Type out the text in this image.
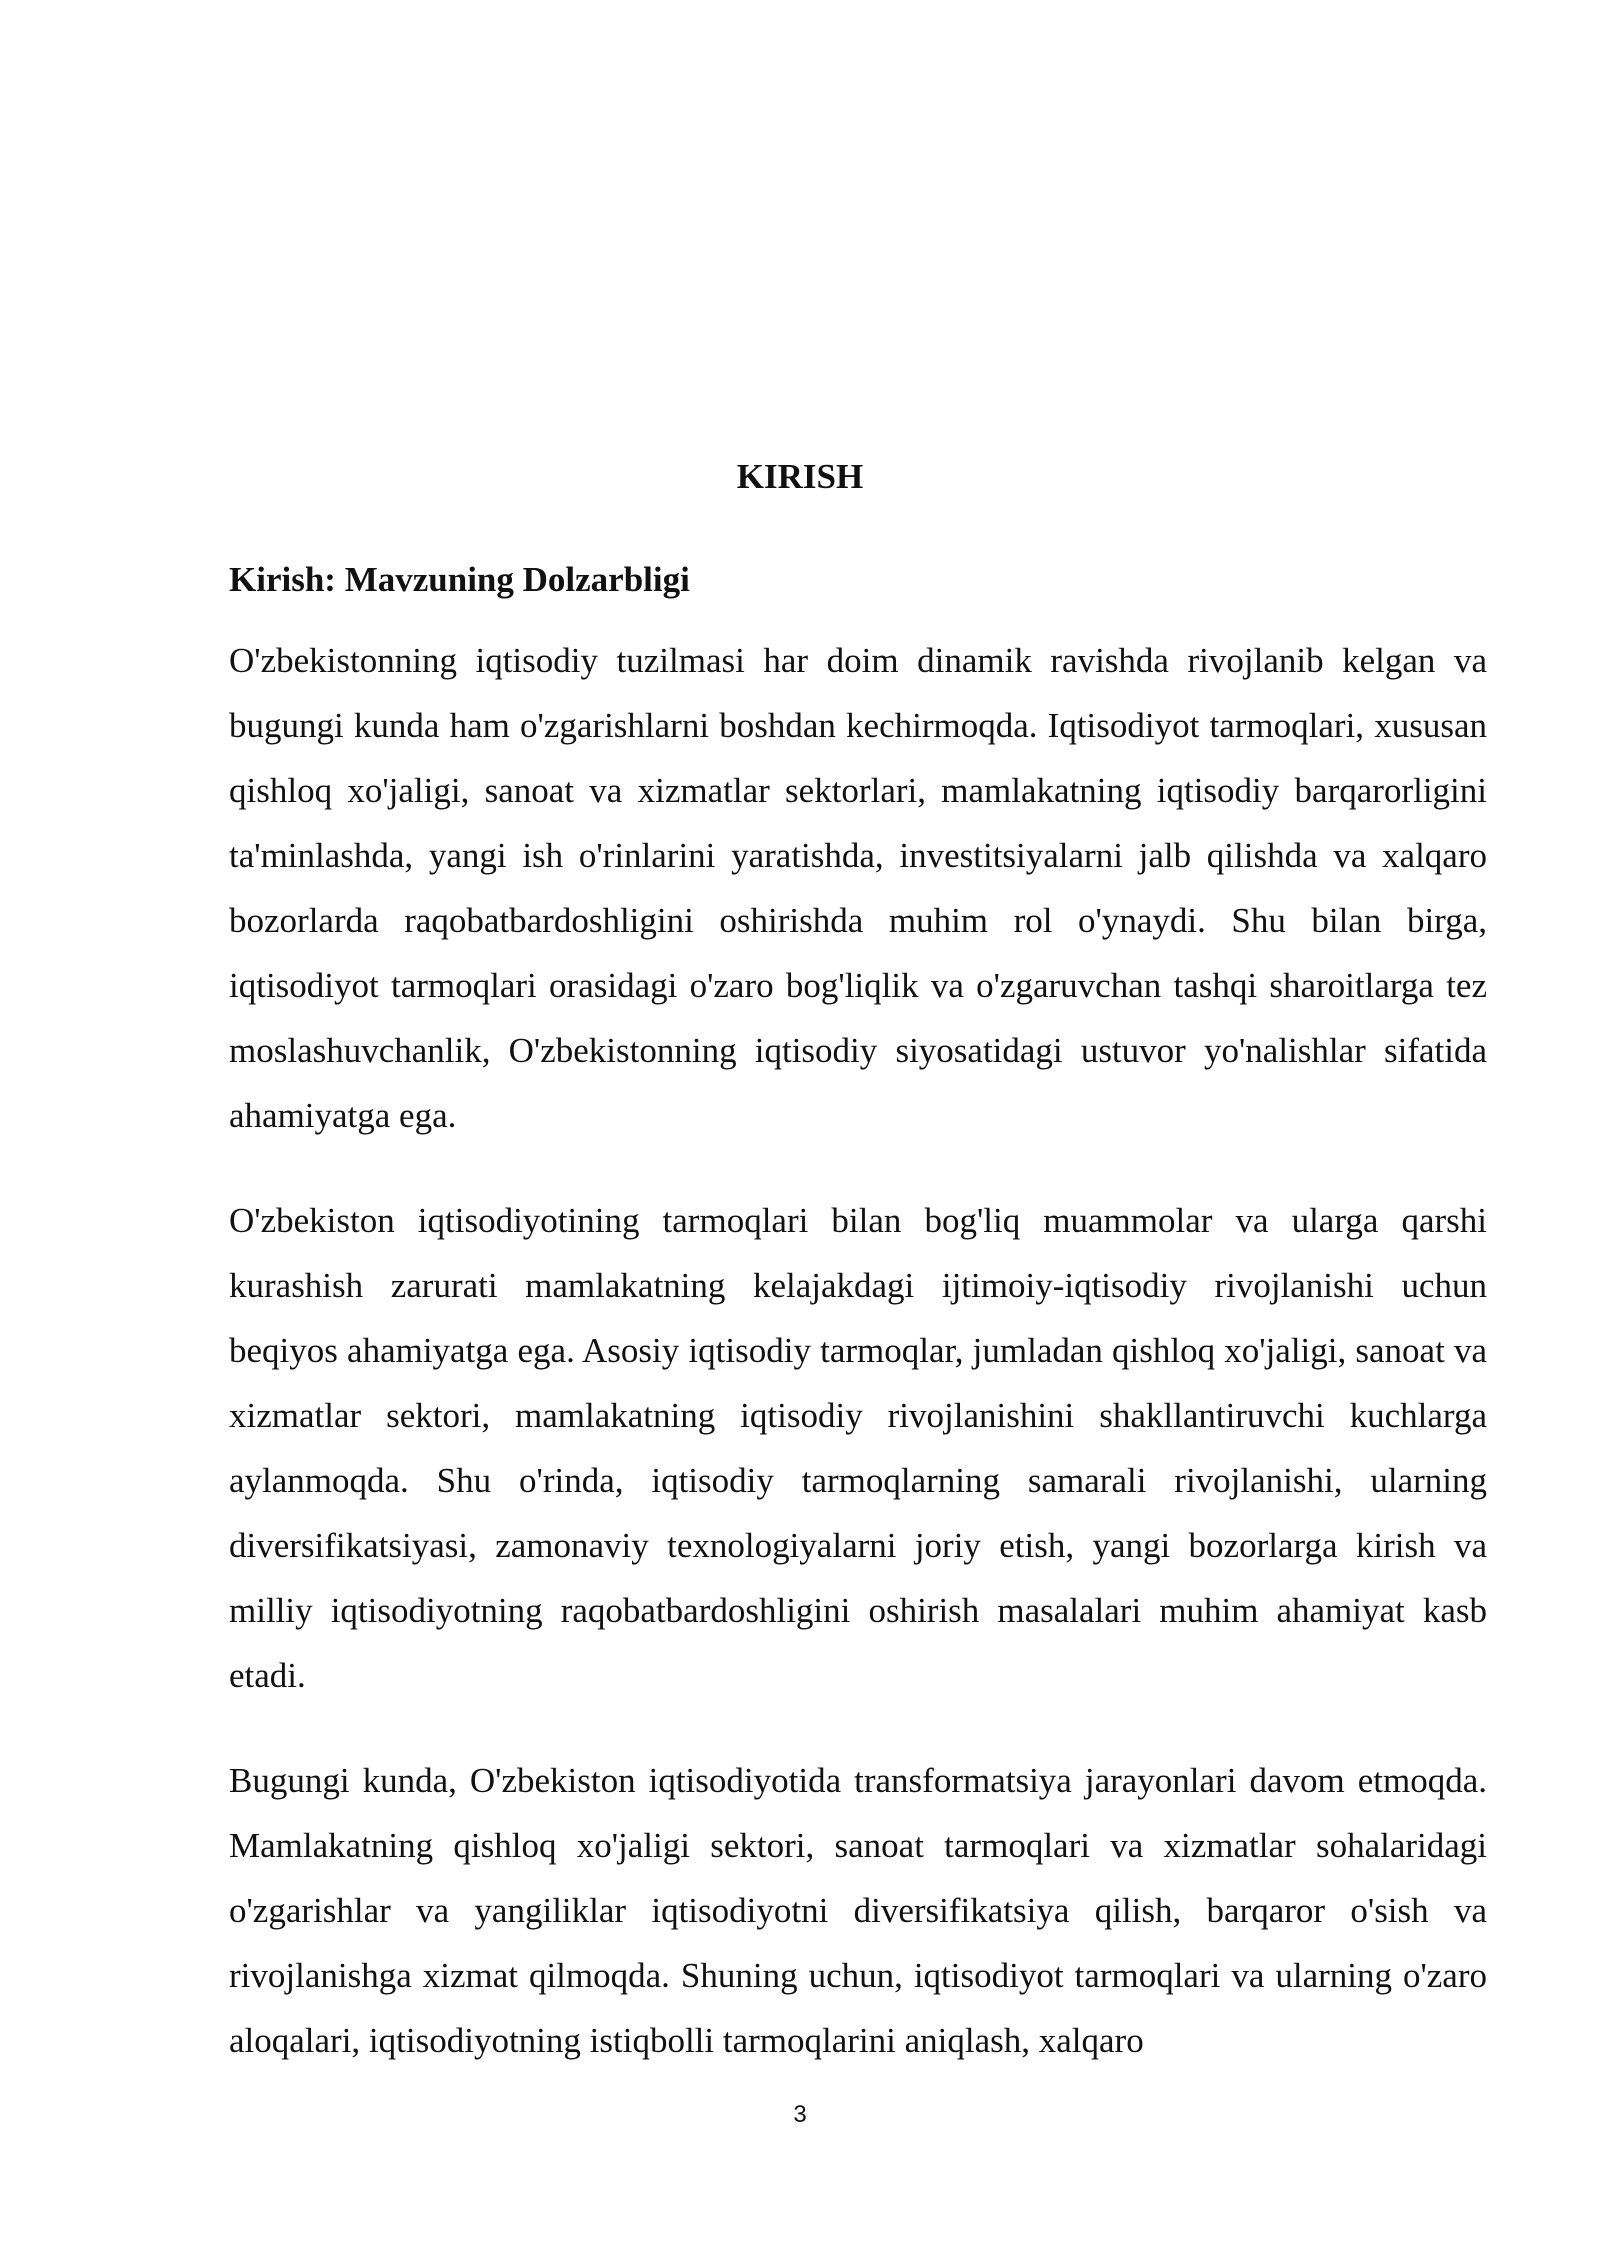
KIRISH
Kirish: Mavzuning Dolzarbligi

O'zbekistonning iqtisodiy tuzilmasi har doim dinamik ravishda rivojlanib kelgan va bugungi kunda ham o'zgarishlarni boshdan kechirmoqda. Iqtisodiyot tarmoqlari, xususan qishloq xo'jaligi, sanoat va xizmatlar sektorlari, mamlakatning iqtisodiy barqarorligini ta'minlashda, yangi ish o'rinlarini yaratishda, investitsiyalarni jalb qilishda va xalqaro bozorlarda raqobatbardoshligini oshirishda muhim rol o'ynaydi. Shu bilan birga, iqtisodiyot tarmoqlari orasidagi o'zaro bog'liqlik va o'zgaruvchan tashqi sharoitlarga tez moslashuvchanlik, O'zbekistonning iqtisodiy siyosatidagi ustuvor yo'nalishlar sifatida ahamiyatga ega.

O'zbekiston iqtisodiyotining tarmoqlari bilan bog'liq muammolar va ularga qarshi kurashish zarurati mamlakatning kelajakdagi ijtimoiy-iqtisodiy rivojlanishi uchun beqiyos ahamiyatga ega. Asosiy iqtisodiy tarmoqlar, jumladan qishloq xo'jaligi, sanoat va xizmatlar sektori, mamlakatning iqtisodiy rivojlanishini shakllantiruvchi kuchlarga aylanmoqda. Shu o'rinda, iqtisodiy tarmoqlarning samarali rivojlanishi, ularning diversifikatsiyasi, zamonaviy texnologiyalarni joriy etish, yangi bozorlarga kirish va milliy iqtisodiyotning raqobatbardoshligini oshirish masalalari muhim ahamiyat kasb etadi.

Bugungi kunda, O'zbekiston iqtisodiyotida transformatsiya jarayonlari davom etmoqda. Mamlakatning qishloq xo'jaligi sektori, sanoat tarmoqlari va xizmatlar sohalaridagi o'zgarishlar va yangiliklar iqtisodiyotni diversifikatsiya qilish, barqaror o'sish va rivojlanishga xizmat qilmoqda. Shuning uchun, iqtisodiyot tarmoqlari va ularning o'zaro aloqalari, iqtisodiyotning istiqbolli tarmoqlarini aniqlash, xalqaro

3
